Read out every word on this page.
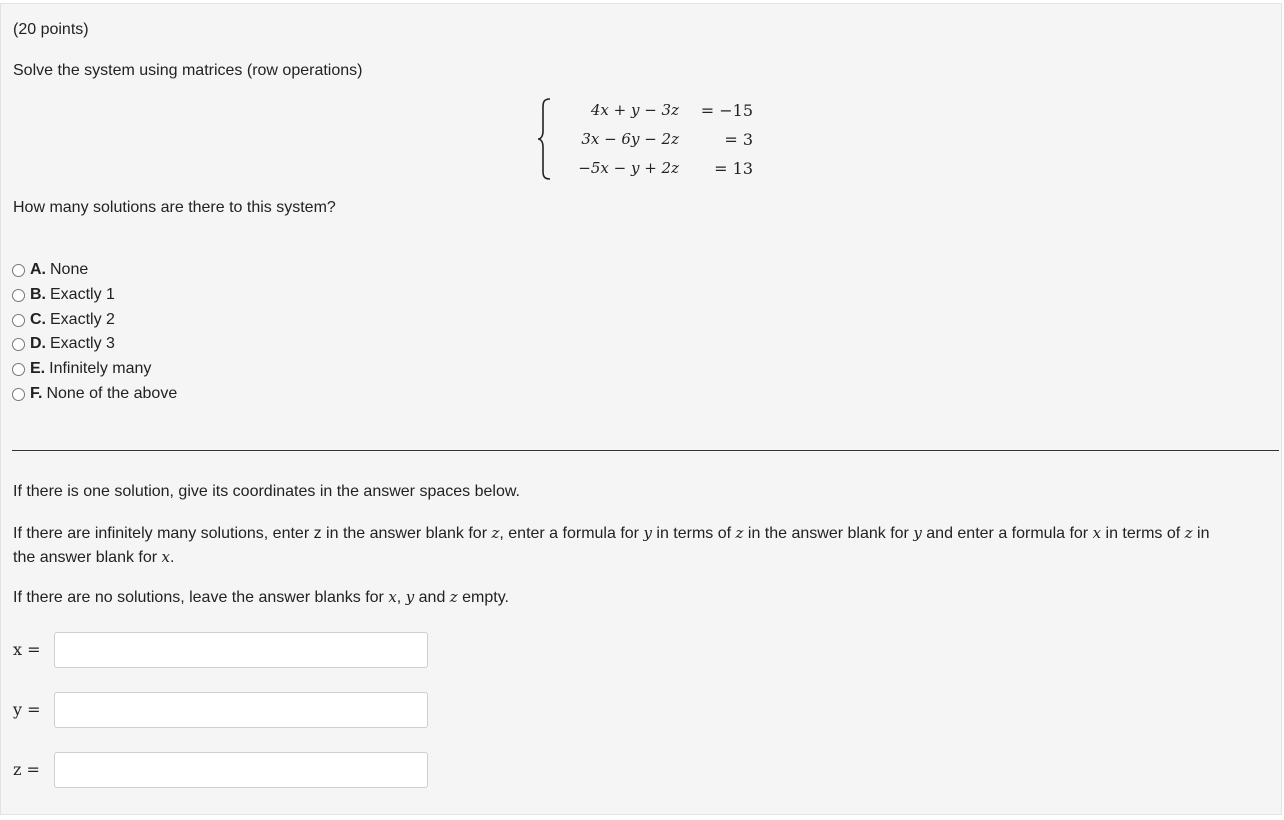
(20 points)

Solve the system using matrices (row operations)

4x + y − 3z = −15
3x − 6y − 2z	= 3
−5x − y + 2z = 13

How many solutions are there to this system?

A. None
B. Exactly 1
C. Exactly 2
D. Exactly 3
E. Infinitely many
F. None of the above

If there is one solution, give its coordinates in the answer spaces below.

If there are infinitely many solutions, enter z in the answer blank for z, enter a formula for y in terms of z in the answer blank for y and enter a formula for x in terms of z in

the answer blank for x.

If there are no solutions, leave the answer blanks for x, y and z empty.

x =
y =
z =
